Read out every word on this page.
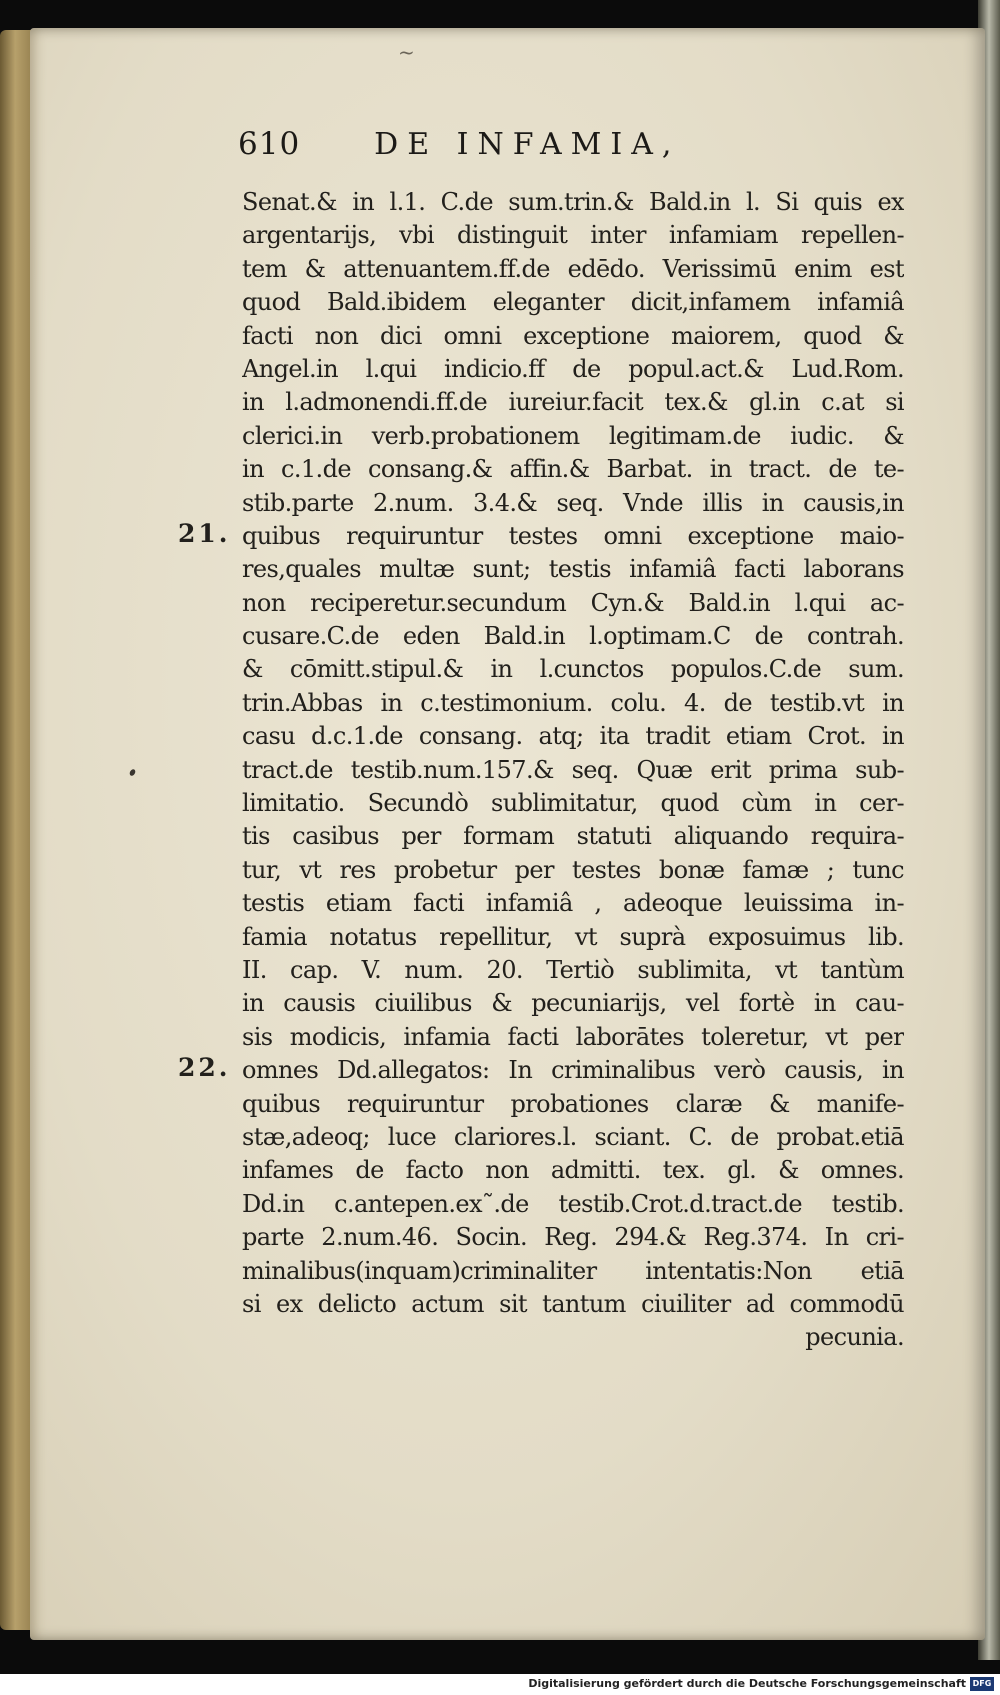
~
610 DE INFAMIA,
21.
22.
Senat.& in l.1. C.de sum.trin.& Bald.in l. Si quis ex
argentarijs, vbi distinguit inter infamiam repellen-
tem & attenuantem.ff.de edēdo. Verissimū enim est
quod Bald.ibidem eleganter dicit,infamem infamiâ
facti non dici omni exceptione maiorem, quod &
Angel.in l.qui indicio.ff de popul.act.& Lud.Rom.
in l.admonendi.ff.de iureiur.facit tex.& gl.in c.at si
clerici.in verb.probationem legitimam.de iudic. &
in c.1.de consang.& affin.& Barbat. in tract. de te-
stib.parte 2.num. 3.4.& seq. Vnde illis in causis,in
quibus requiruntur testes omni exceptione maio-
res,quales multæ sunt; testis infamiâ facti laborans
non reciperetur.secundum Cyn.& Bald.in l.qui ac-
cusare.C.de eden Bald.in l.optimam.C de contrah.
& cōmitt.stipul.& in l.cunctos populos.C.de sum.
trin.Abbas in c.testimonium. colu. 4. de testib.vt in
casu d.c.1.de consang. atq; ita tradit etiam Crot. in
tract.de testib.num.157.& seq. Quæ erit prima sub-
limitatio. Secundò sublimitatur, quod cùm in cer-
tis casibus per formam statuti aliquando requira-
tur, vt res probetur per testes bonæ famæ ; tunc
testis etiam facti infamiâ , adeoque leuissima in-
famia notatus repellitur, vt suprà exposuimus lib.
II. cap. V. num. 20. Tertiò sublimita, vt tantùm
in causis ciuilibus & pecuniarijs, vel fortè in cau-
sis modicis, infamia facti laborātes toleretur, vt per
omnes Dd.allegatos: In criminalibus verò causis, in
quibus requiruntur probationes claræ & manife-
stæ,adeoq; luce clariores.l. sciant. C. de probat.etiā
infames de facto non admitti. tex. gl. & omnes.
Dd.in c.antepen.ex˜.de testib.Crot.d.tract.de testib.
parte 2.num.46. Socin. Reg. 294.& Reg.374. In cri-
minalibus(inquam)criminaliter intentatis:Non etiā
si ex delicto actum sit tantum ciuiliter ad commodū
pecunia.
Digitalisierung gefördert durch die Deutsche Forschungsgemeinschaft DFG
